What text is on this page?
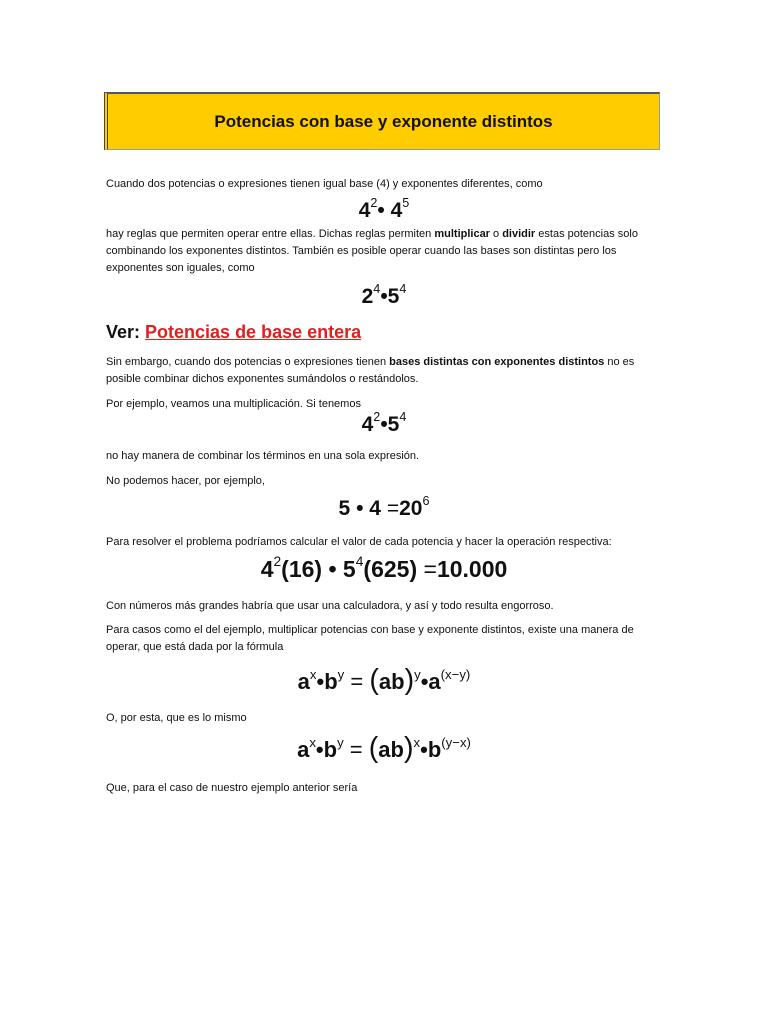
Potencias con base y exponente distintos
Cuando dos potencias o expresiones tienen igual base (4) y exponentes diferentes, como
$4^2•$ $4^5$
hay reglas que permiten operar entre ellas. Dichas reglas permiten multiplicar o dividir estas potencias solo combinando los exponentes distintos. También es posible operar cuando las bases son distintas pero los exponentes son iguales, como
$2^4•5^4$
Ver: Potencias de base entera
Sin embargo, cuando dos potencias o expresiones tienen bases distintas con exponentes distintos no es posible combinar dichos exponentes sumándolos o restándolos.
Por ejemplo, veamos una multiplicación. Si tenemos
$4^2•5^4$
no hay manera de combinar los términos en una sola expresión.
No podemos hacer, por ejemplo,
5 • $4 =20^6$
Para resolver el problema podríamos calcular el valor de cada potencia y hacer la operación respectiva:
$4^2(16)$ • $5^4(625) =10.000$
Con números más grandes habría que usar una calculadora, y así y todo resulta engorroso.
Para casos como el del ejemplo, multiplicar potencias con base y exponente distintos, existe una manera de operar, que está dada por la fórmula
$a^x•b^y$ = $(ab)^y•a^{(x-y)}$
O, por esta, que es lo mismo
$a^x•b^y$ = $(ab)^x•b^{(y-x)}$
Que, para el caso de nuestro ejemplo anterior sería
